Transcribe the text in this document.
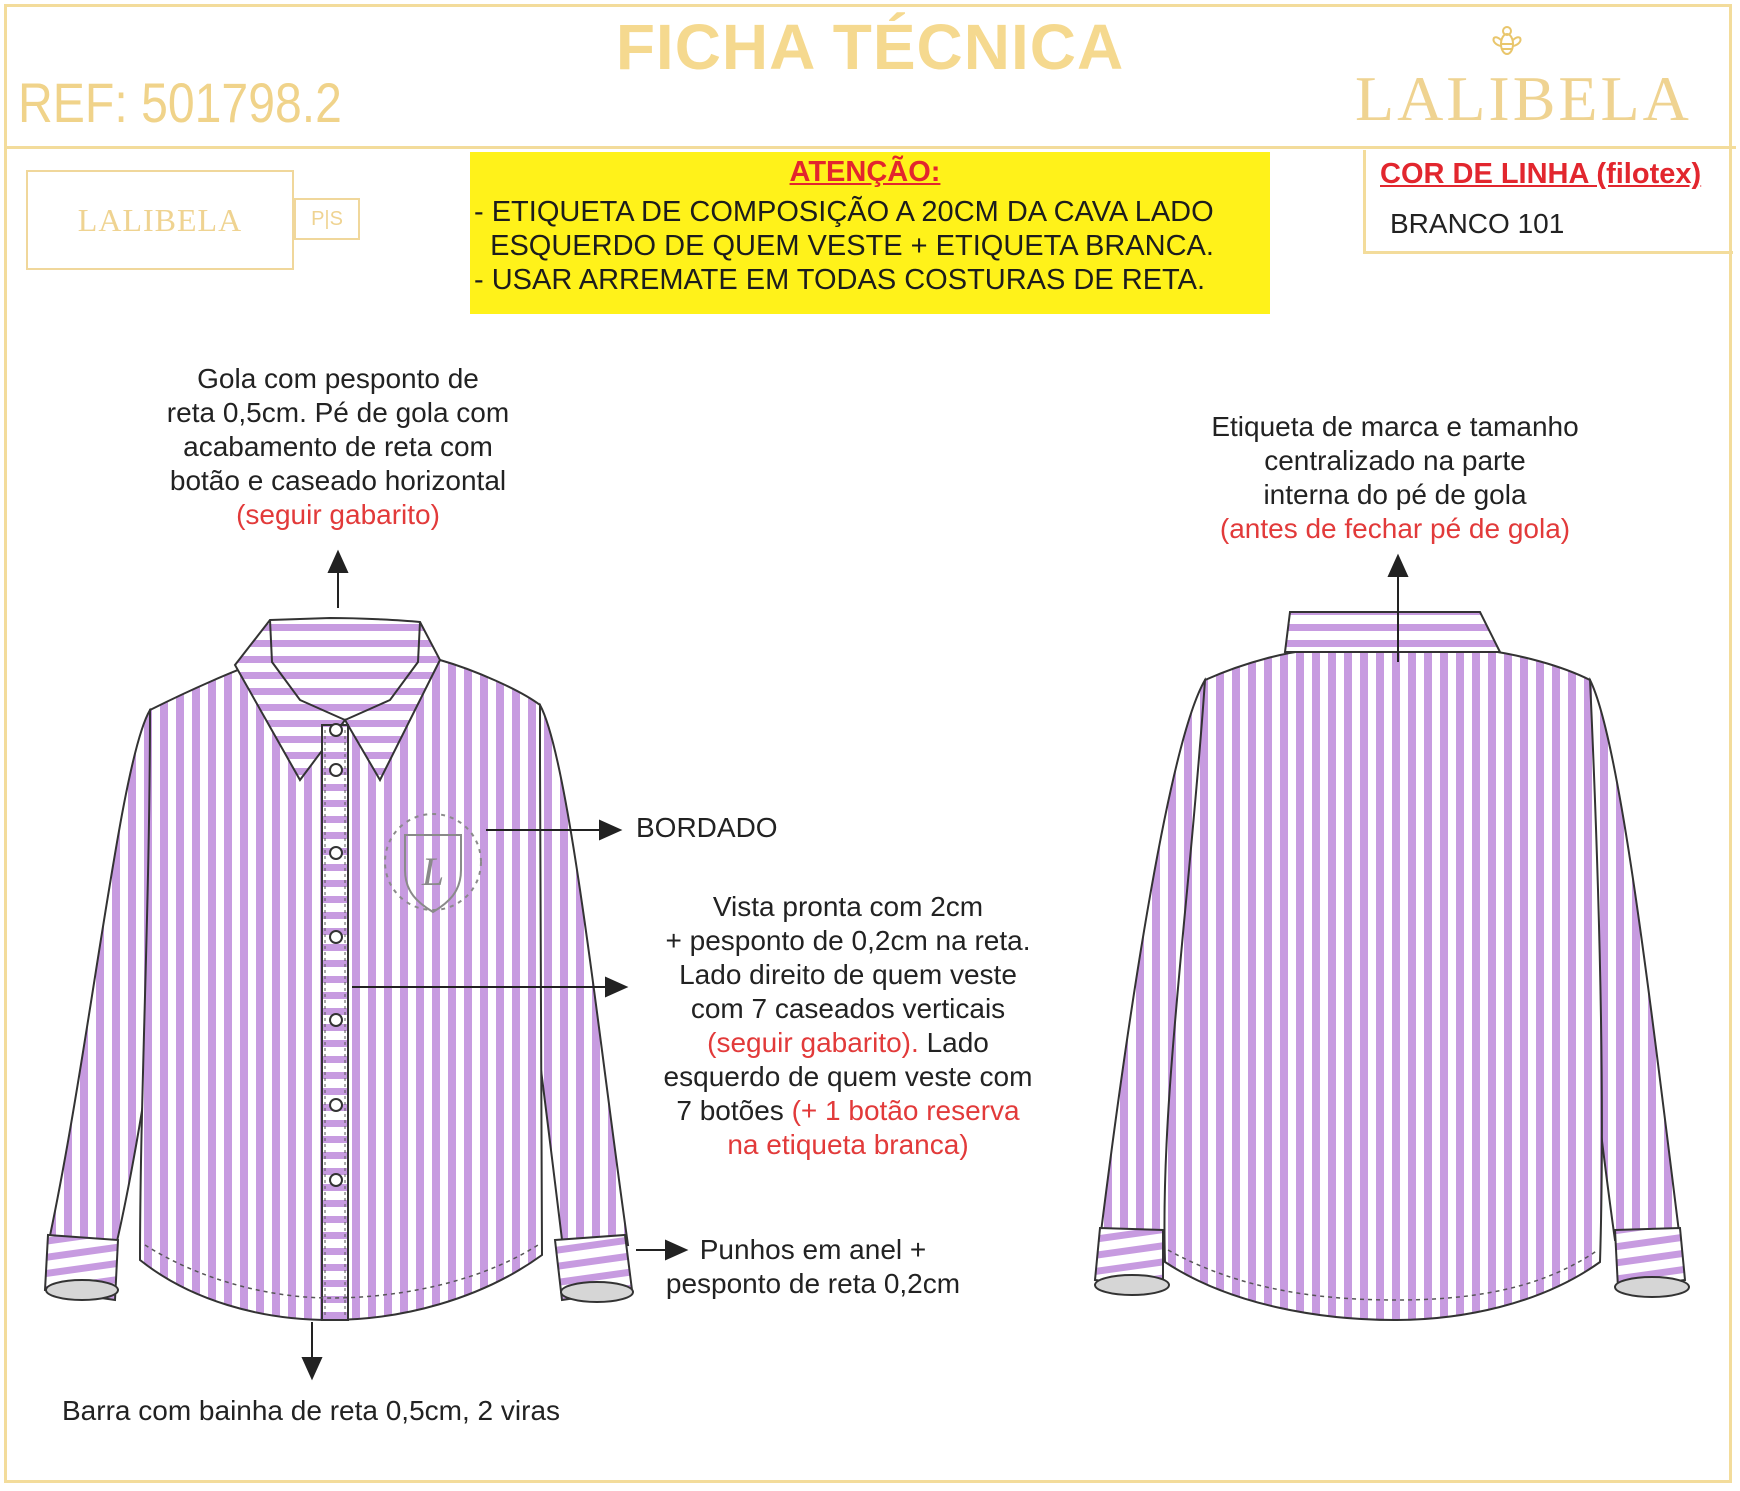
FICHA TÉCNICA
REF: 501798.2	LALIBELA
LALIBELA	P|S
ATENÇÃO:
- ETIQUETA DE COMPOSIÇÃO A 20CM DA CAVA LADO
ESQUERDO DE QUEM VESTE + ETIQUETA BRANCA.
- USAR ARREMATE EM TODAS COSTURAS DE RETA.
COR DE LINHA (filotex)
BRANCO 101
L
Gola com pesponto de
reta 0,5cm. Pé de gola com
acabamento de reta com
botão e caseado horizontal
(seguir gabarito)
Etiqueta de marca e tamanho
centralizado na parte
interna do pé de gola
(antes de fechar pé de gola)
BORDADO
Vista pronta com 2cm
+ pesponto de 0,2cm na reta.
Lado direito de quem veste
com 7 caseados verticais
(seguir gabarito). Lado
esquerdo de quem veste com
7 botões (+ 1 botão reserva
na etiqueta branca)
Punhos em anel +
pesponto de reta 0,2cm
Barra com bainha de reta 0,5cm, 2 viras
